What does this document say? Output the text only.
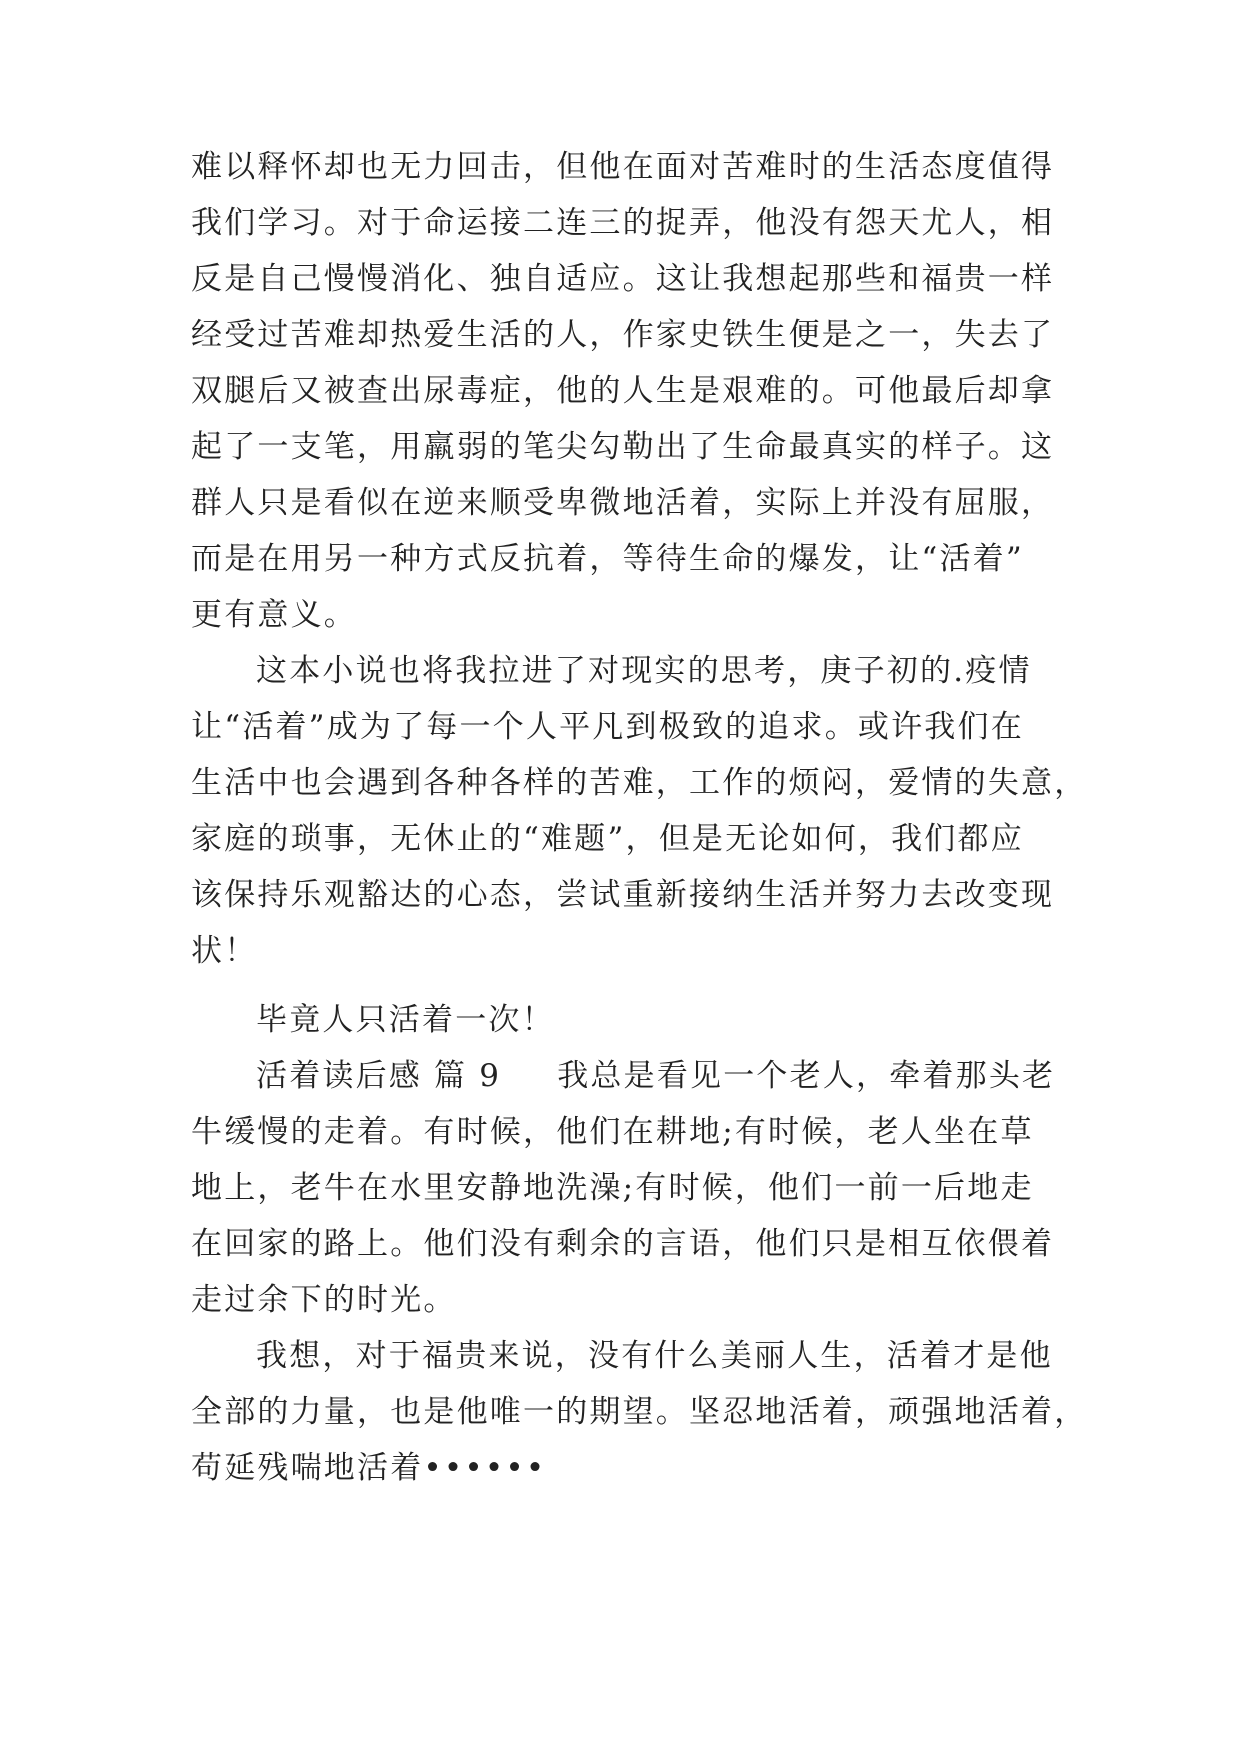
难以释怀却也无力回击，但他在面对苦难时的生活态度值得
我们学习。对于命运接二连三的捉弄，他没有怨天尤人，相
反是自己慢慢消化、独自适应。这让我想起那些和福贵一样
经受过苦难却热爱生活的人，作家史铁生便是之一，失去了
双腿后又被查出尿毒症，他的人生是艰难的。可他最后却拿
起了一支笔，用羸弱的笔尖勾勒出了生命最真实的样子。这
群人只是看似在逆来顺受卑微地活着，实际上并没有屈服，
而是在用另一种方式反抗着，等待生命的爆发，让“活着”
更有意义。
这本小说也将我拉进了对现实的思考，庚子初的.疫情
让“活着”成为了每一个人平凡到极致的追求。或许我们在
生活中也会遇到各种各样的苦难，工作的烦闷，爱情的失意，
家庭的琐事，无休止的“难题”，但是无论如何，我们都应
该保持乐观豁达的心态，尝试重新接纳生活并努力去改变现
状！
毕竟人只活着一次！
活着读后感 篇 9 我总是看见一个老人，牵着那头老
牛缓慢的走着。有时候，他们在耕地;有时候，老人坐在草
地上，老牛在水里安静地洗澡;有时候，他们一前一后地走
在回家的路上。他们没有剩余的言语，他们只是相互依偎着
走过余下的时光。
我想，对于福贵来说，没有什么美丽人生，活着才是他
全部的力量，也是他唯一的期望。坚忍地活着，顽强地活着，
苟延残喘地活着••••••
